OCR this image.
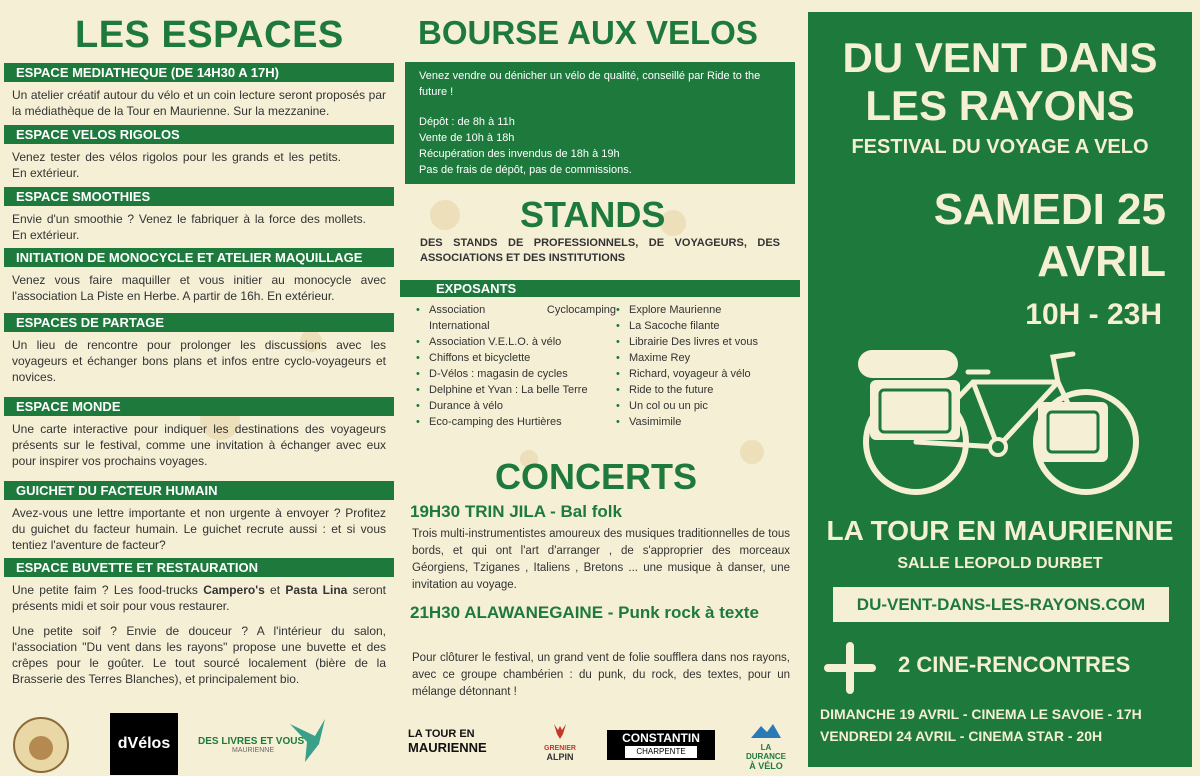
LES ESPACES
ESPACE MEDIATHEQUE (DE 14H30 A 17H)
Un atelier créatif autour du vélo et un coin lecture seront proposés par la médiathèque de la Tour en Maurienne. Sur la mezzanine.
ESPACE VELOS RIGOLOS
Venez tester des vélos rigolos pour les grands et les petits. En extérieur.
ESPACE SMOOTHIES
Envie d'un smoothie ? Venez le fabriquer à la force des mollets. En extérieur.
INITIATION DE MONOCYCLE ET ATELIER MAQUILLAGE
Venez vous faire maquiller et vous initier au monocycle avec l'association La Piste en Herbe. A partir de 16h. En extérieur.
ESPACES DE PARTAGE
Un lieu de rencontre pour prolonger les discussions avec les voyageurs et échanger bons plans et infos entre cyclo-voyageurs et novices.
ESPACE MONDE
Une carte interactive pour indiquer les destinations des voyageurs présents sur le festival, comme une invitation à échanger avec eux pour inspirer vos prochains voyages.
GUICHET DU FACTEUR HUMAIN
Avez-vous une lettre importante et non urgente à envoyer ? Profitez du guichet du facteur humain. Le guichet recrute aussi : et si vous tentiez l'aventure de facteur?
ESPACE BUVETTE ET RESTAURATION
Une petite faim ? Les food-trucks Campero's et Pasta Lina seront présents midi et soir pour vous restaurer.
Une petite soif ? Envie de douceur ? A l'intérieur du salon, l'association "Du vent dans les rayons" propose une buvette et des crêpes pour le goûter. Le tout sourcé localement (bière de la Brasserie des Terres Blanches), et principalement bio.
BOURSE AUX VELOS
Venez vendre ou dénicher un vélo de qualité, conseillé par Ride to the future !
Dépôt : de 8h à 11h
Vente de 10h à 18h
Récupération des invendus de 18h à 19h
Pas de frais de dépôt, pas de commissions.
STANDS
DES STANDS DE PROFESSIONNELS, DE VOYAGEURS, DES ASSOCIATIONS ET DES INSTITUTIONS
EXPOSANTS
• Association Cyclocamping International
• Association V.E.L.O. à vélo
• Chiffons et bicyclette
• D-Vélos : magasin de cycles
• Delphine et Yvan : La belle Terre
• Durance à vélo
• Eco-camping des Hurtières
• Explore Maurienne
• La Sacoche filante
• Librairie Des livres et vous
• Maxime Rey
• Richard, voyageur à vélo
• Ride to the future
• Un col ou un pic
• Vasimimile
CONCERTS
19H30 TRIN JILA - Bal folk
Trois multi-instrumentistes amoureux des musiques traditionnelles de tous bords, et qui ont l'art d'arranger , de s'approprier des morceaux Géorgiens, Tziganes , Italiens , Bretons ... une musique à danser, une invitation au voyage.
21H30 ALAWANEGAINE - Punk rock à texte
Pour clôturer le festival, un grand vent de folie soufflera dans nos rayons, avec ce groupe chambérien : du punk, du rock, des textes, pour un mélange détonnant !
DU VENT DANS LES RAYONS
FESTIVAL DU VOYAGE A VELO
SAMEDI 25
AVRIL
10H - 23H
LA TOUR EN MAURIENNE
SALLE LEOPOLD DURBET
DU-VENT-DANS-LES-RAYONS.COM
2 CINE-RENCONTRES
DIMANCHE 19 AVRIL - CINEMA LE SAVOIE - 17H
VENDREDI 24 AVRIL - CINEMA STAR - 20H
dVélos	DES LIVRES ET VOUS
MAURIENNE
LA TOUR EN
MAURIENNE	GRENIER
ALPIN
CONSTANTIN
CHARPENTE	LA DURANCE
À VÉLO
